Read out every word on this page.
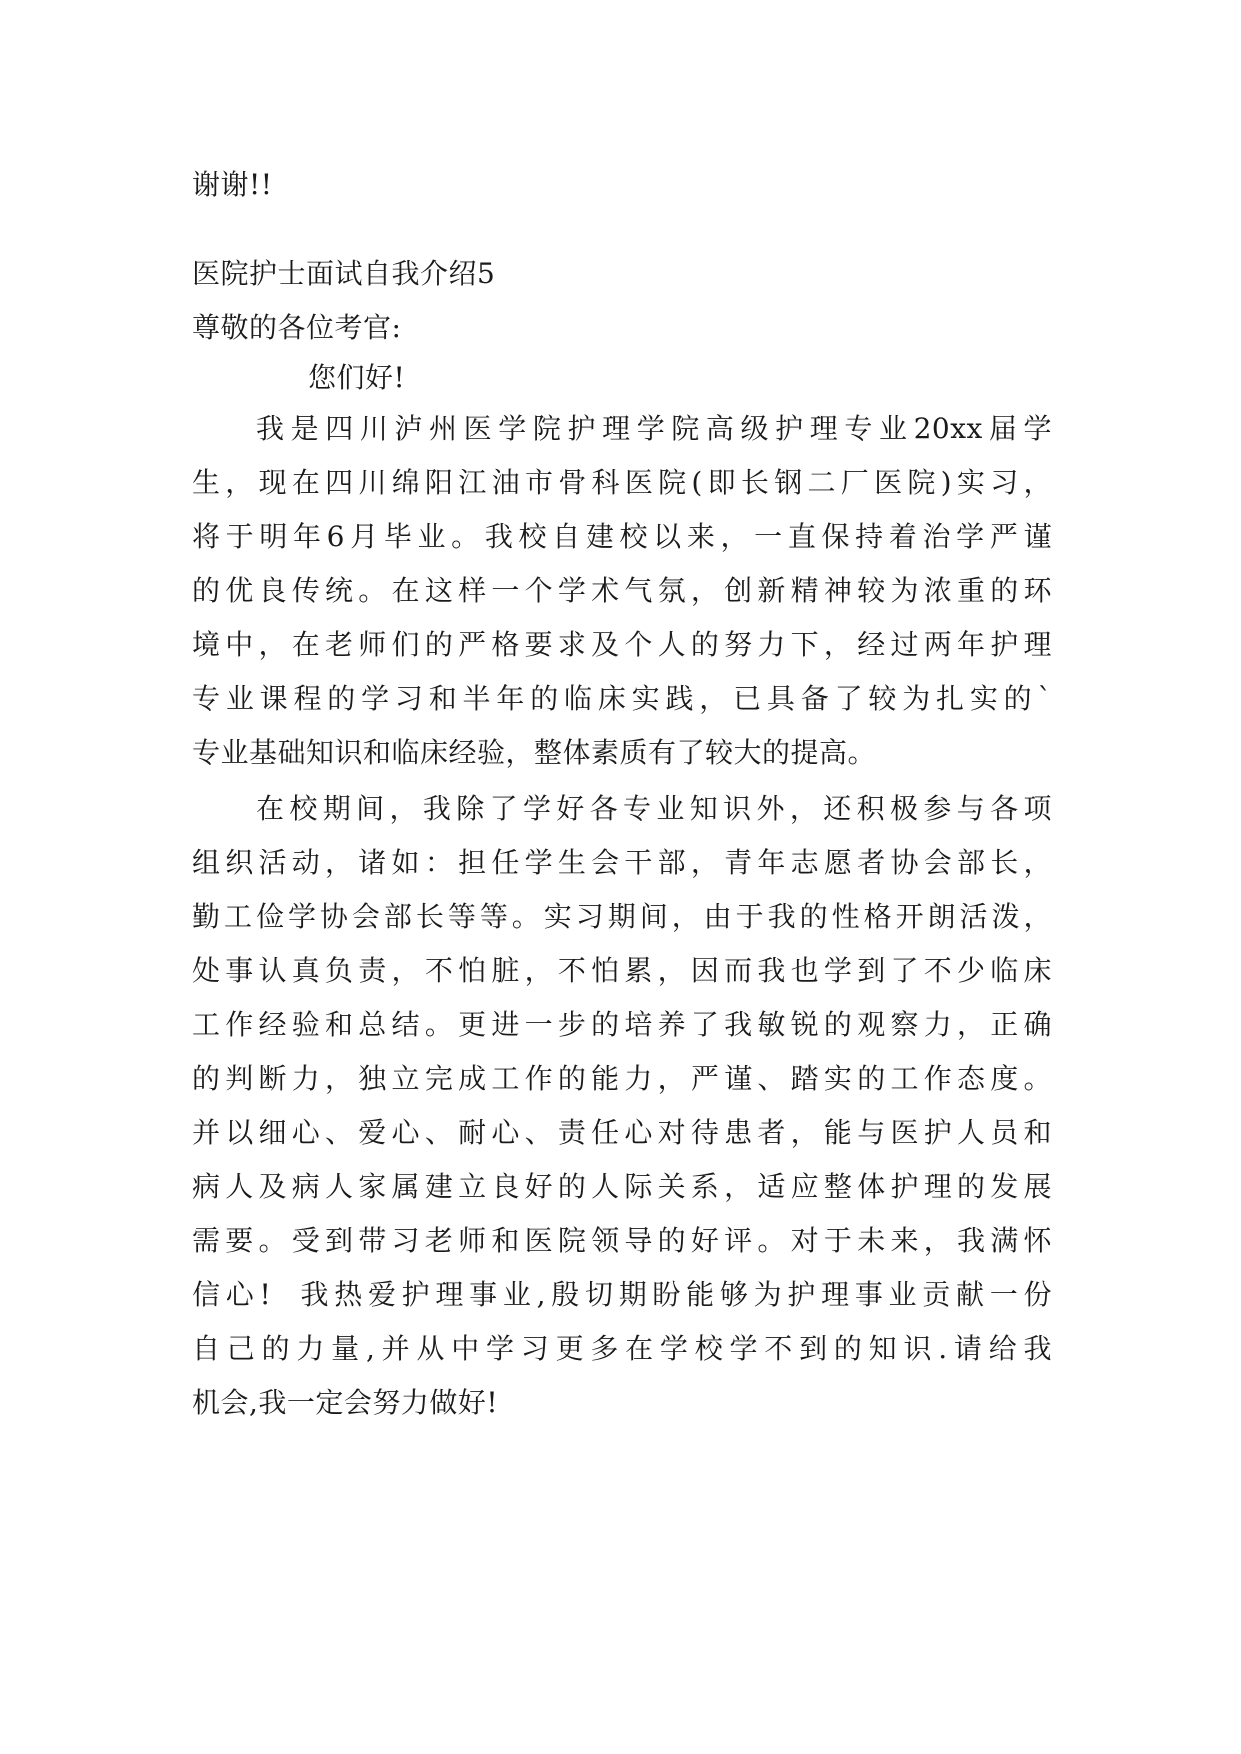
谢谢!!
医院护士面试自我介绍5
尊敬的各位考官:
您们好!
我是四川泸州医学院护理学院高级护理专业20xx届学
生，现在四川绵阳江油市骨科医院(即长钢二厂医院)实习，
将于明年6月毕业。我校自建校以来，一直保持着治学严谨
的优良传统。在这样一个学术气氛，创新精神较为浓重的环
境中，在老师们的严格要求及个人的努力下，经过两年护理
专业课程的学习和半年的临床实践，已具备了较为扎实的`
专业基础知识和临床经验，整体素质有了较大的提高。
在校期间，我除了学好各专业知识外，还积极参与各项
组织活动，诸如：担任学生会干部，青年志愿者协会部长，
勤工俭学协会部长等等。实习期间，由于我的性格开朗活泼，
处事认真负责，不怕脏，不怕累，因而我也学到了不少临床
工作经验和总结。更进一步的培养了我敏锐的观察力，正确
的判断力，独立完成工作的能力，严谨、踏实的工作态度。
并以细心、爱心、耐心、责任心对待患者，能与医护人员和
病人及病人家属建立良好的人际关系，适应整体护理的发展
需要。受到带习老师和医院领导的好评。对于未来，我满怀
信心!  我热爱护理事业,殷切期盼能够为护理事业贡献一份
自己的力量,并从中学习更多在学校学不到的知识.请给我
机会,我一定会努力做好!
